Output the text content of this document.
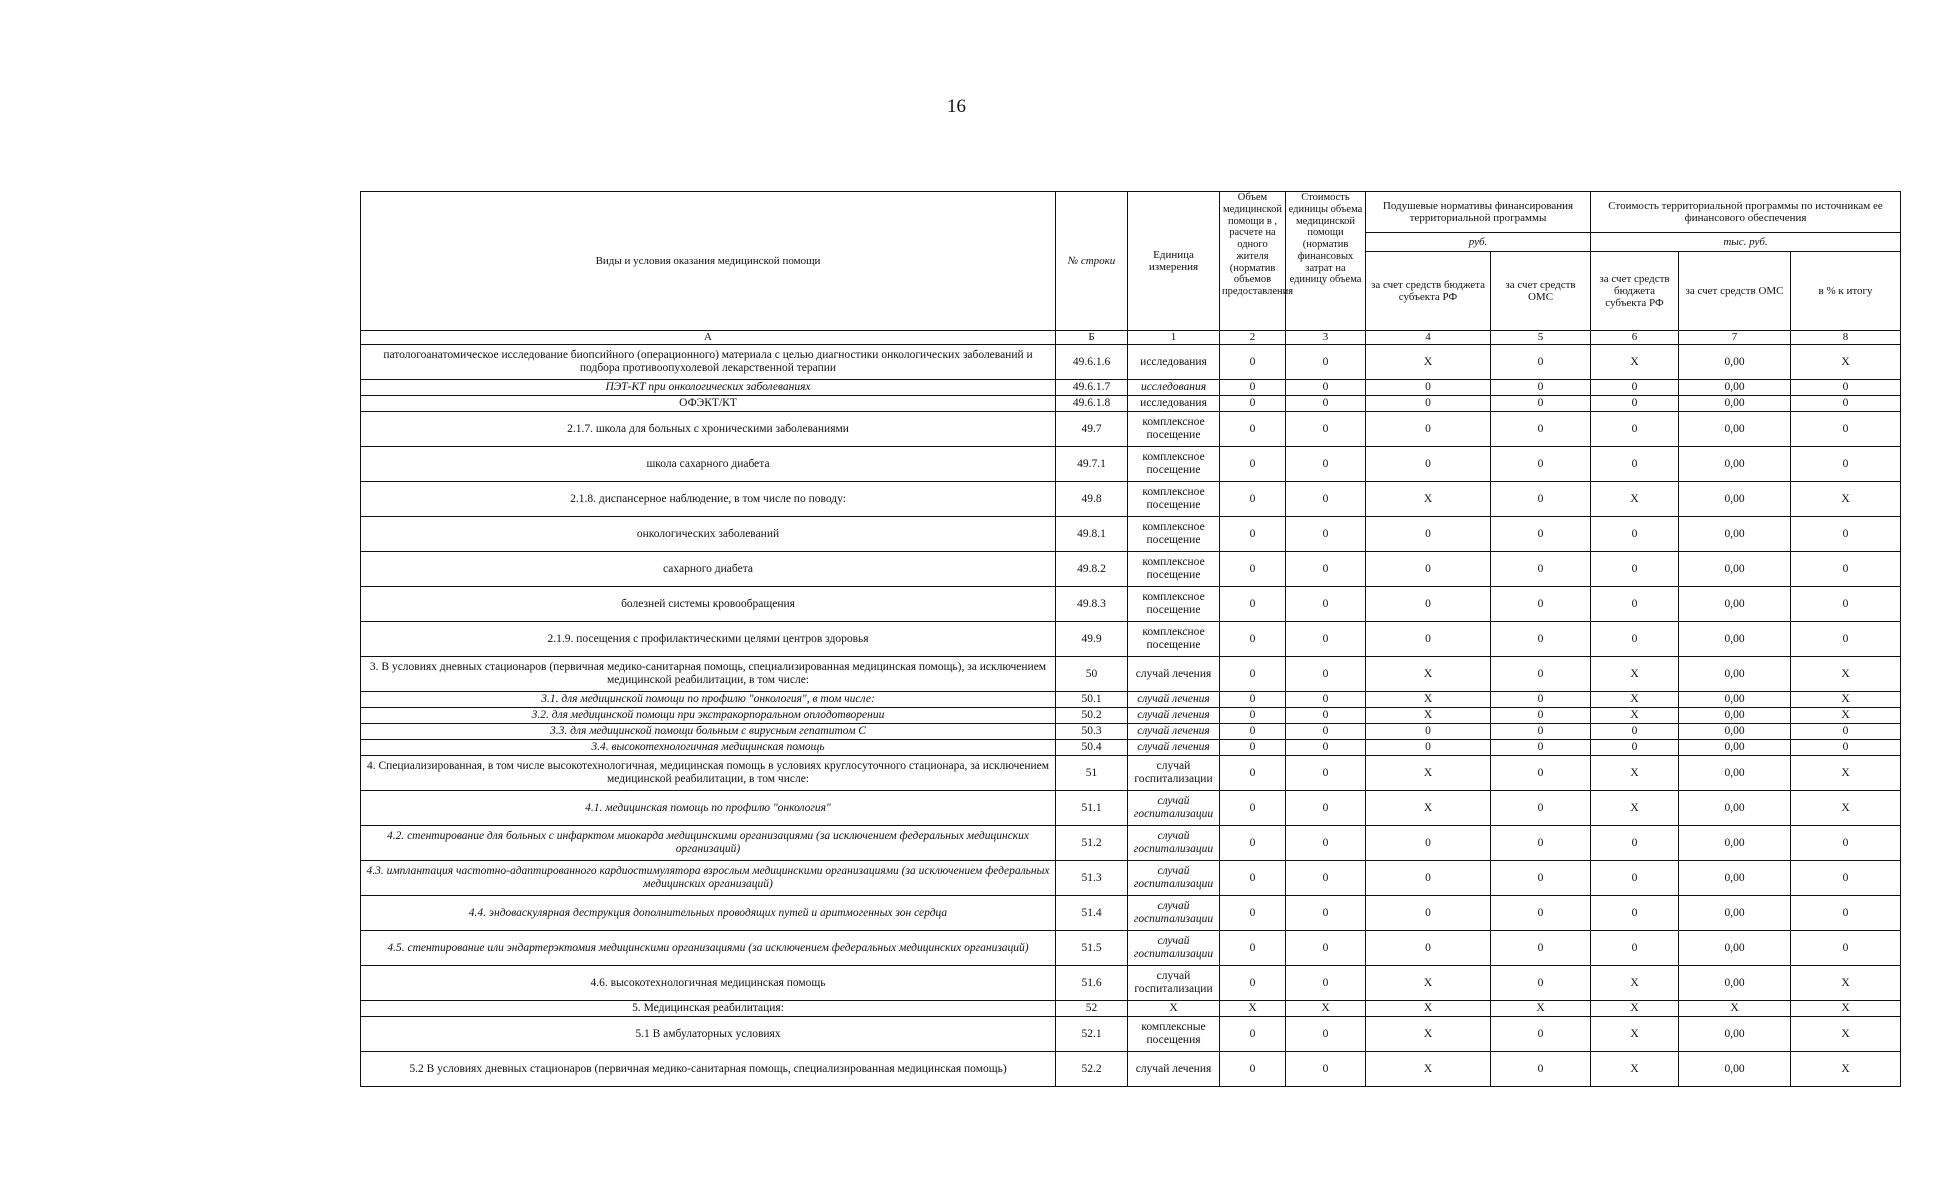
16
Виды и условия оказания медицинской помощи	№ строки	Единица измерения	Объем медицинской помощи в , расчете на одного жителя (норматив объемов предоставления	Стоимость единицы объема медицинской помощи (норматив финансовых затрат на единицу объема	Подушевые нормативы финансирования территориальной программы		Стоимость территориальной программы по источникам ее финансового обеспечения		
					руб.		тыс. руб.		
					за счет средств бюджета субъекта РФ	за счет средств ОМС	за счет средств бюджета субъекта РФ	за счет средств ОМС	в % к итогу
А	Б	1	2	3	4	5	6	7	8
патологоанатомическое исследование биопсийного (операционного) материала с целью диагностики онкологических заболеваний и подбора противоопухолевой лекарственной терапии	49.6.1.6	исследования	0	0	X	0	X	0,00	X
ПЭТ-КТ при онкологических заболеваниях	49.6.1.7	исследования	0	0	0	0	0	0,00	0
ОФЭКТ/КТ	49.6.1.8	исследования	0	0	0	0	0	0,00	0
2.1.7. школа для больных с хроническими заболеваниями	49.7	комплексное посещение	0	0	0	0	0	0,00	0
школа сахарного диабета	49.7.1	комплексное посещение	0	0	0	0	0	0,00	0
2.1.8. диспансерное наблюдение, в том числе по поводу:	49.8	комплексное посещение	0	0	X	0	X	0,00	X
онкологических заболеваний	49.8.1	комплексное посещение	0	0	0	0	0	0,00	0
сахарного диабета	49.8.2	комплексное посещение	0	0	0	0	0	0,00	0
болезней системы кровообращения	49.8.3	комплексное посещение	0	0	0	0	0	0,00	0
2.1.9. посещения с профилактическими целями центров здоровья	49.9	комплексное посещение	0	0	0	0	0	0,00	0
3. В условиях дневных стационаров (первичная медико-санитарная помощь, специализированная медицинская помощь), за исключением медицинской реабилитации, в том числе:	50	случай лечения	0	0	X	0	X	0,00	X
3.1. для медицинской помощи по профилю "онкология", в том числе:	50.1	случай лечения	0	0	X	0	X	0,00	X
3.2. для медицинской помощи при экстракорпоральном оплодотворении	50.2	случай лечения	0	0	X	0	X	0,00	X
3.3. для медицинской помощи больным с вирусным гепатитом С	50.3	случай лечения	0	0	0	0	0	0,00	0
3.4. высокотехнологичная медицинская помощь	50.4	случай лечения	0	0	0	0	0	0,00	0
4. Специализированная, в том числе высокотехнологичная, медицинская помощь в условиях круглосуточного стационара, за исключением медицинской реабилитации, в том числе:	51	случай госпитализации	0	0	X	0	X	0,00	X
4.1. медицинская помощь по профилю "онкология"	51.1	случай госпитализации	0	0	X	0	X	0,00	X
4.2. стентирование для больных с инфарктом миокарда медицинскими организациями (за исключением федеральных медицинских организаций)	51.2	случай госпитализации	0	0	0	0	0	0,00	0
4.3. имплантация частотно-адаптированного кардиостимулятора взрослым медицинскими организациями (за исключением федеральных медицинских организаций)	51.3	случай госпитализации	0	0	0	0	0	0,00	0
4.4. эндоваскулярная деструкция дополнительных проводящих путей и аритмогенных зон сердца	51.4	случай госпитализации	0	0	0	0	0	0,00	0
4.5. стентирование или эндартерэктомия медицинскими организациями (за исключением федеральных медицинских организаций)	51.5	случай госпитализации	0	0	0	0	0	0,00	0
4.6. высокотехнологичная медицинская помощь	51.6	случай госпитализации	0	0	X	0	X	0,00	X
5. Медицинская реабилитация:	52	X	X	X	X	X	X	X	X
5.1 В амбулаторных условиях	52.1	комплексные посещения	0	0	X	0	X	0,00	X
5.2 В условиях дневных стационаров (первичная медико-санитарная помощь, специализированная медицинская помощь)	52.2	случай лечения	0	0	X	0	X	0,00	X
